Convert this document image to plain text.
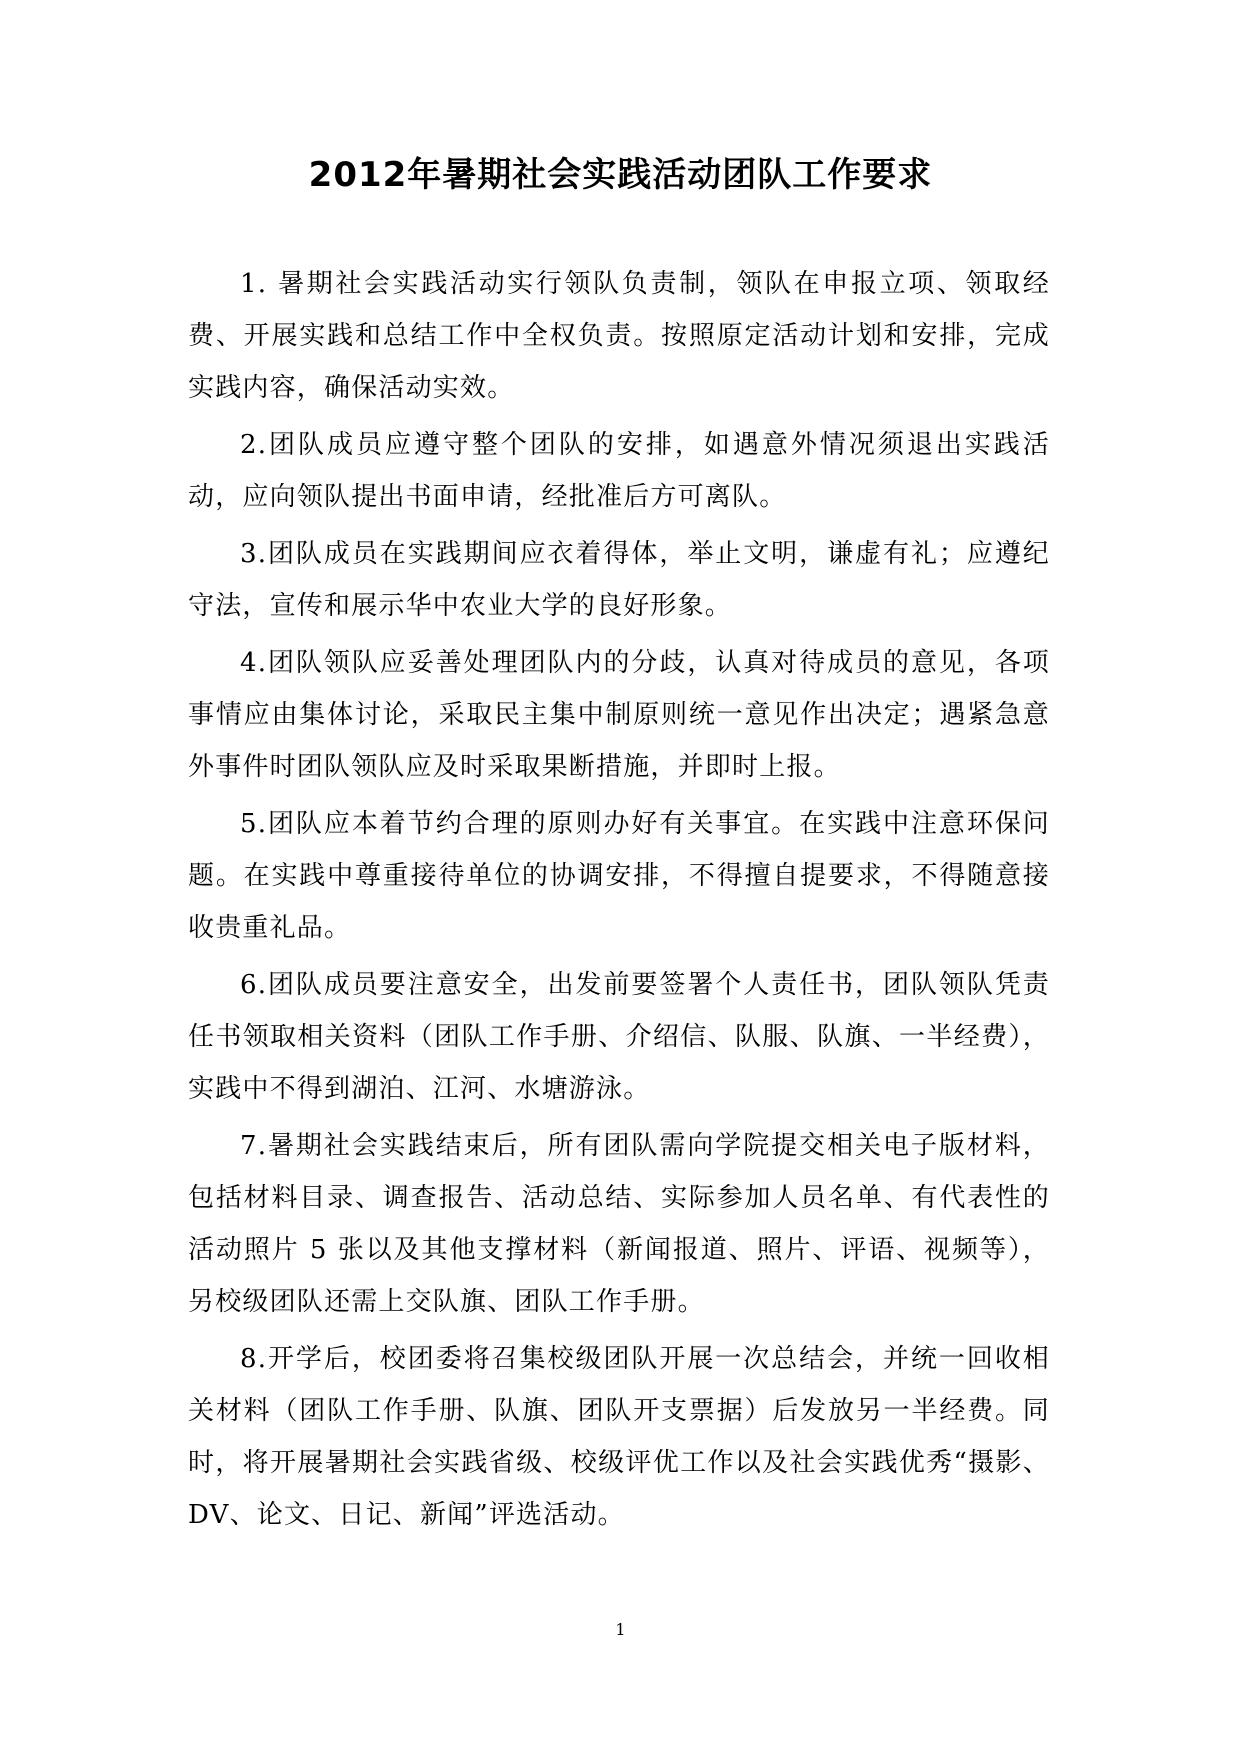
2012年暑期社会实践活动团队工作要求

1. 暑期社会实践活动实行领队负责制，领队在申报立项、领取经费、开展实践和总结工作中全权负责。按照原定活动计划和安排，完成实践内容，确保活动实效。

2.团队成员应遵守整个团队的安排，如遇意外情况须退出实践活动，应向领队提出书面申请，经批准后方可离队。

3.团队成员在实践期间应衣着得体，举止文明，谦虚有礼；应遵纪守法，宣传和展示华中农业大学的良好形象。

4.团队领队应妥善处理团队内的分歧，认真对待成员的意见，各项事情应由集体讨论，采取民主集中制原则统一意见作出决定；遇紧急意外事件时团队领队应及时采取果断措施，并即时上报。

5.团队应本着节约合理的原则办好有关事宜。在实践中注意环保问题。在实践中尊重接待单位的协调安排，不得擅自提要求，不得随意接收贵重礼品。

6.团队成员要注意安全，出发前要签署个人责任书，团队领队凭责任书领取相关资料（团队工作手册、介绍信、队服、队旗、一半经费），实践中不得到湖泊、江河、水塘游泳。

7.暑期社会实践结束后，所有团队需向学院提交相关电子版材料，包括材料目录、调查报告、活动总结、实际参加人员名单、有代表性的活动照片 5 张以及其他支撑材料（新闻报道、照片、评语、视频等），另校级团队还需上交队旗、团队工作手册。

8.开学后，校团委将召集校级团队开展一次总结会，并统一回收相关材料（团队工作手册、队旗、团队开支票据）后发放另一半经费。同时，将开展暑期社会实践省级、校级评优工作以及社会实践优秀“摄影、DV、论文、日记、新闻”评选活动。

1
